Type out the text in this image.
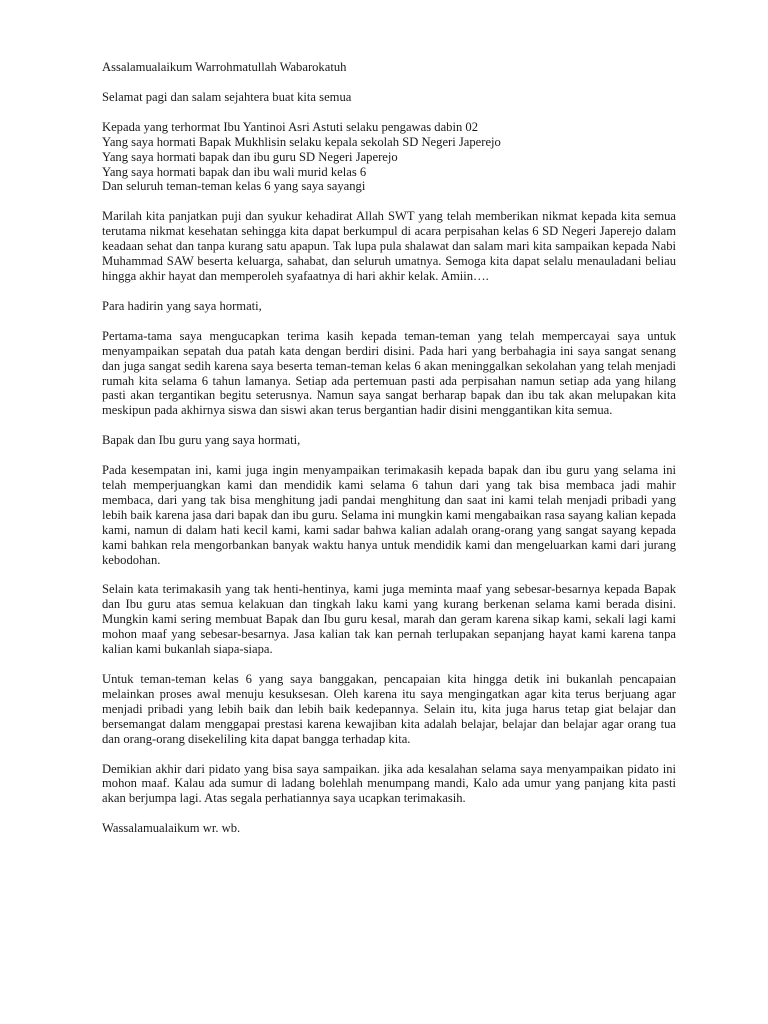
Assalamualaikum Warrohmatullah Wabarokatuh

Selamat pagi dan salam sejahtera buat kita semua

Kepada yang terhormat Ibu Yantinoi Asri Astuti selaku pengawas dabin 02
Yang saya hormati Bapak Mukhlisin selaku kepala sekolah SD Negeri Japerejo
Yang saya hormati bapak dan ibu guru SD Negeri Japerejo
Yang saya hormati bapak dan ibu wali murid kelas 6
Dan seluruh teman-teman kelas 6 yang saya sayangi

Marilah kita panjatkan puji dan syukur kehadirat Allah SWT yang telah memberikan nikmat kepada kita semua terutama nikmat kesehatan sehingga kita dapat berkumpul di acara perpisahan kelas 6 SD Negeri Japerejo dalam keadaan sehat dan tanpa kurang satu apapun. Tak lupa pula shalawat dan salam mari kita sampaikan kepada Nabi Muhammad SAW beserta keluarga, sahabat, dan seluruh umatnya. Semoga kita dapat selalu menauladani beliau hingga akhir hayat dan memperoleh syafaatnya di hari akhir kelak. Amiin….

Para hadirin yang saya hormati,

Pertama-tama saya mengucapkan terima kasih kepada teman-teman yang telah mempercayai saya untuk menyampaikan sepatah dua patah kata dengan berdiri disini. Pada hari yang berbahagia ini saya sangat senang dan juga sangat sedih karena saya beserta teman-teman kelas 6 akan meninggalkan sekolahan yang telah menjadi rumah kita selama 6 tahun lamanya. Setiap ada pertemuan pasti ada perpisahan namun setiap ada yang hilang pasti akan tergantikan begitu seterusnya. Namun saya sangat berharap bapak dan ibu tak akan melupakan kita meskipun pada akhirnya siswa dan siswi akan terus bergantian hadir disini menggantikan kita semua.

Bapak dan Ibu guru yang saya hormati,

Pada kesempatan ini, kami juga ingin menyampaikan terimakasih kepada bapak dan ibu guru yang selama ini telah memperjuangkan kami dan mendidik kami selama 6 tahun dari yang tak bisa membaca jadi mahir membaca, dari yang tak bisa menghitung jadi pandai menghitung dan saat ini kami telah menjadi pribadi yang lebih baik karena jasa dari bapak dan ibu guru. Selama ini mungkin kami mengabaikan rasa sayang kalian kepada kami, namun di dalam hati kecil kami, kami sadar bahwa kalian adalah orang-orang yang sangat sayang kepada kami bahkan rela mengorbankan banyak waktu hanya untuk mendidik kami dan mengeluarkan kami dari jurang kebodohan.

Selain kata terimakasih yang tak henti-hentinya, kami juga meminta maaf yang sebesar-besarnya kepada Bapak dan Ibu guru atas semua kelakuan dan tingkah laku kami yang kurang berkenan selama kami berada disini. Mungkin kami sering membuat Bapak dan Ibu guru kesal, marah dan geram karena sikap kami, sekali lagi kami mohon maaf yang sebesar-besarnya. Jasa kalian tak kan pernah terlupakan sepanjang hayat kami karena tanpa kalian kami bukanlah siapa-siapa.

Untuk teman-teman kelas 6 yang saya banggakan, pencapaian kita hingga detik ini bukanlah pencapaian melainkan proses awal menuju kesuksesan. Oleh karena itu saya mengingatkan agar kita terus berjuang agar menjadi pribadi yang lebih baik dan lebih baik kedepannya. Selain itu, kita juga harus tetap giat belajar dan bersemangat dalam menggapai prestasi karena kewajiban kita adalah belajar, belajar dan belajar agar orang tua dan orang-orang disekeliling kita dapat bangga terhadap kita.

Demikian akhir dari pidato yang bisa saya sampaikan. jika ada kesalahan selama saya menyampaikan pidato ini mohon maaf. Kalau ada sumur di ladang bolehlah menumpang mandi, Kalo ada umur yang panjang kita pasti akan berjumpa lagi. Atas segala perhatiannya saya ucapkan terimakasih.

Wassalamualaikum wr. wb.
